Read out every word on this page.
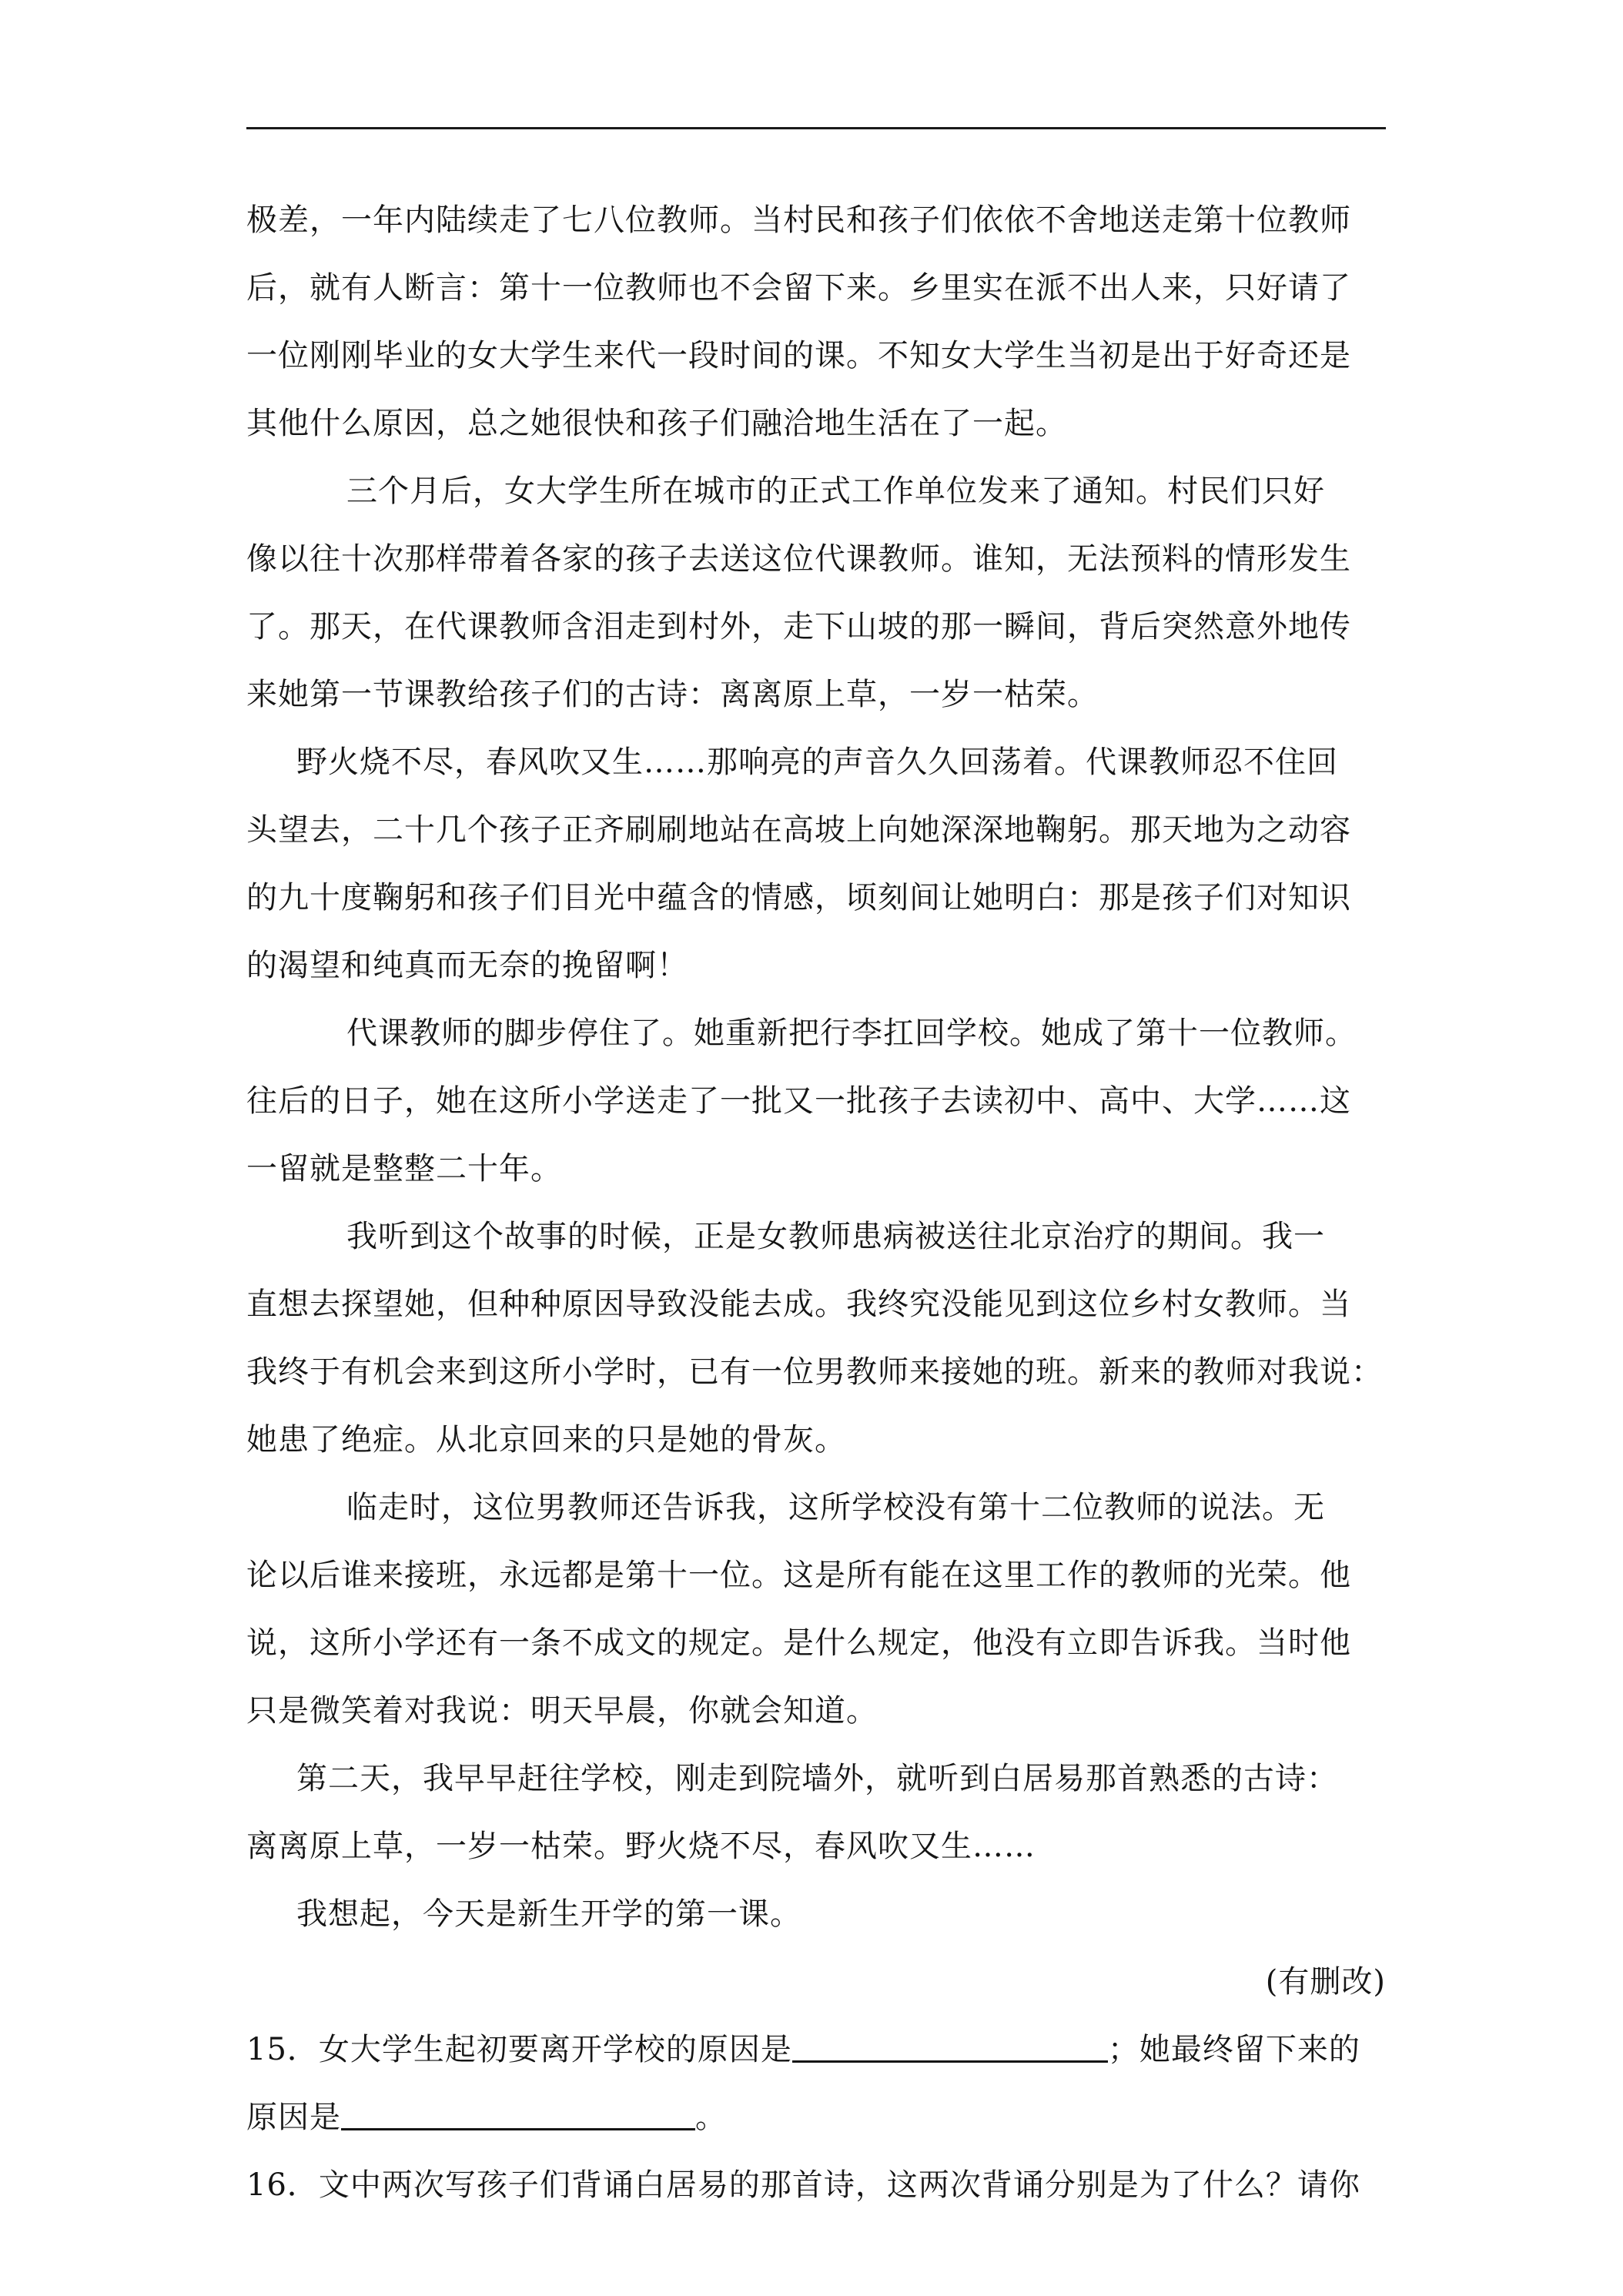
极差，一年内陆续走了七八位教师。当村民和孩子们依依不舍地送走第十位教师
后，就有人断言：第十一位教师也不会留下来。乡里实在派不出人来，只好请了
一位刚刚毕业的女大学生来代一段时间的课。不知女大学生当初是出于好奇还是
其他什么原因，总之她很快和孩子们融洽地生活在了一起。
三个月后，女大学生所在城市的正式工作单位发来了通知。村民们只好
像以往十次那样带着各家的孩子去送这位代课教师。谁知，无法预料的情形发生
了。那天，在代课教师含泪走到村外，走下山坡的那一瞬间，背后突然意外地传
来她第一节课教给孩子们的古诗：离离原上草，一岁一枯荣。
野火烧不尽，春风吹又生……那响亮的声音久久回荡着。代课教师忍不住回
头望去，二十几个孩子正齐刷刷地站在高坡上向她深深地鞠躬。那天地为之动容
的九十度鞠躬和孩子们目光中蕴含的情感，顷刻间让她明白：那是孩子们对知识
的渴望和纯真而无奈的挽留啊！
代课教师的脚步停住了。她重新把行李扛回学校。她成了第十一位教师。
往后的日子，她在这所小学送走了一批又一批孩子去读初中、高中、大学……这
一留就是整整二十年。
我听到这个故事的时候，正是女教师患病被送往北京治疗的期间。我一
直想去探望她，但种种原因导致没能去成。我终究没能见到这位乡村女教师。当
我终于有机会来到这所小学时，已有一位男教师来接她的班。新来的教师对我说：
她患了绝症。从北京回来的只是她的骨灰。
临走时，这位男教师还告诉我，这所学校没有第十二位教师的说法。无
论以后谁来接班，永远都是第十一位。这是所有能在这里工作的教师的光荣。他
说，这所小学还有一条不成文的规定。是什么规定，他没有立即告诉我。当时他
只是微笑着对我说：明天早晨，你就会知道。
第二天，我早早赶往学校，刚走到院墙外，就听到白居易那首熟悉的古诗：
离离原上草，一岁一枯荣。野火烧不尽，春风吹又生……
我想起，今天是新生开学的第一课。
(有删改)
15．女大学生起初要离开学校的原因是	；她最终留下来的
原因是	。
16．文中两次写孩子们背诵白居易的那首诗，这两次背诵分别是为了什么？请你
